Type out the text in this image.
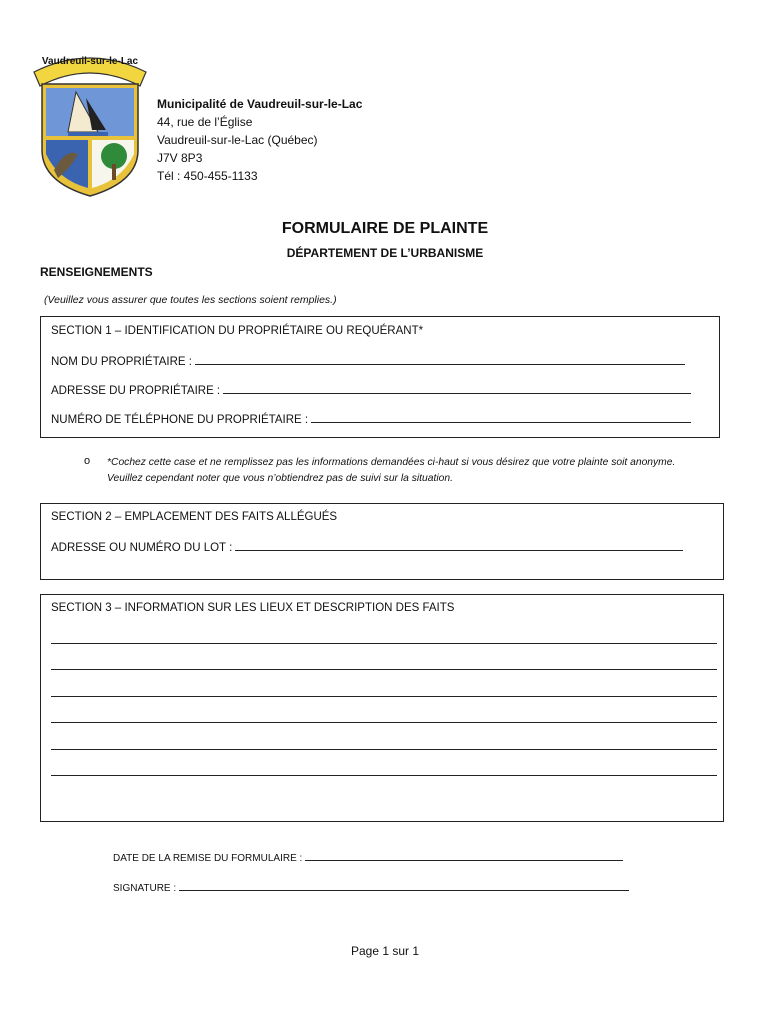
Vaudreuil-sur-le-Lac
Municipalité de Vaudreuil-sur-le-Lac
44, rue de l’Église
Vaudreuil-sur-le-Lac (Québec)
J7V 8P3
Tél : 450-455-1133
FORMULAIRE DE PLAINTE
DÉPARTEMENT DE L’URBANISME
RENSEIGNEMENTS
(Veuillez vous assurer que toutes les sections soient remplies.)
SECTION 1 – IDENTIFICATION DU PROPRIÉTAIRE OU REQUÉRANT*
NOM DU PROPRIÉTAIRE :
ADRESSE DU PROPRIÉTAIRE :
NUMÉRO DE TÉLÉPHONE DU PROPRIÉTAIRE :
o *Cochez cette case et ne remplissez pas les informations demandées ci-haut si vous désirez que votre plainte soit anonyme. Veuillez cependant noter que vous n’obtiendrez pas de suivi sur la situation.
SECTION 2 – EMPLACEMENT DES FAITS ALLÉGUÉS
ADRESSE OU NUMÉRO DU LOT :
SECTION 3 – INFORMATION SUR LES LIEUX ET DESCRIPTION DES FAITS
DATE DE LA REMISE DU FORMULAIRE :
SIGNATURE :
Page 1 sur 1
